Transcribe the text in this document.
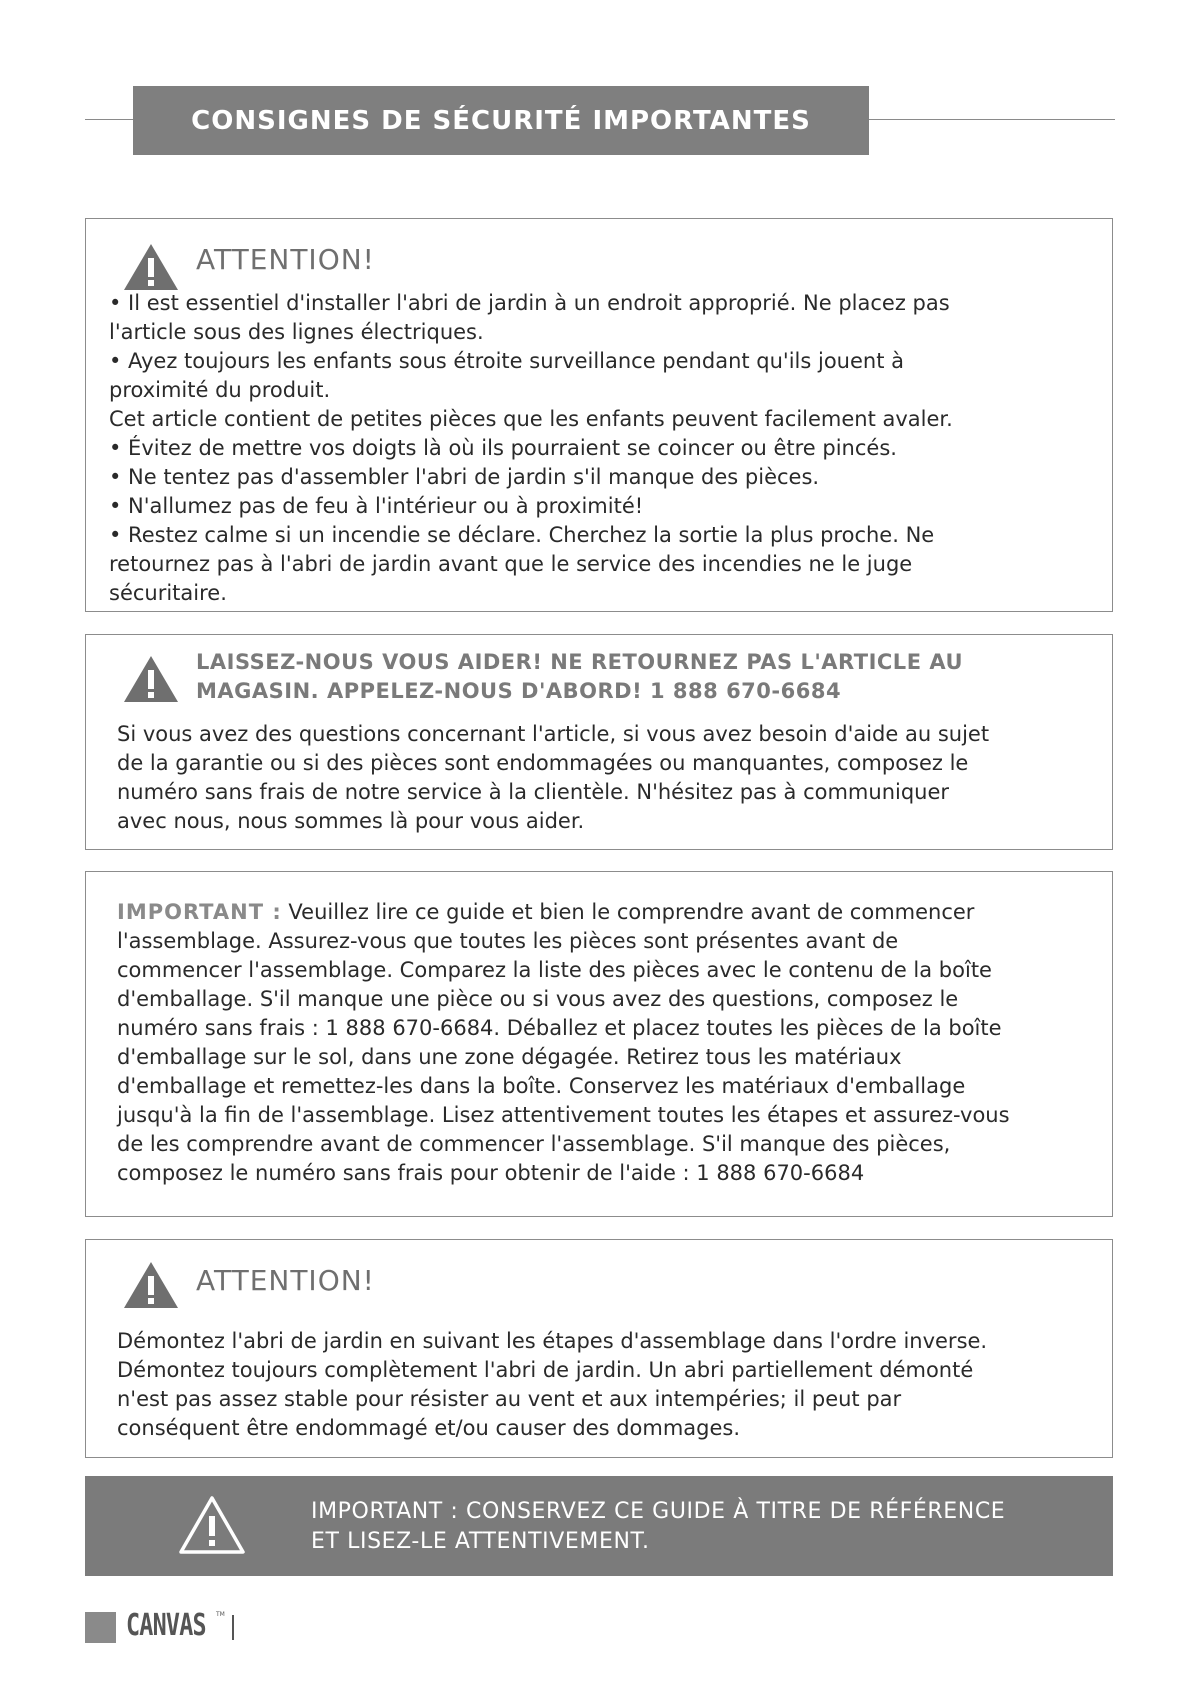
CONSIGNES DE SÉCURITÉ IMPORTANTES
ATTENTION!
• Il est essentiel d'installer l'abri de jardin à un endroit approprié. Ne placez pas
l'article sous des lignes électriques.
• Ayez toujours les enfants sous étroite surveillance pendant qu'ils jouent à
proximité du produit.
Cet article contient de petites pièces que les enfants peuvent facilement avaler.
• Évitez de mettre vos doigts là où ils pourraient se coincer ou être pincés.
• Ne tentez pas d'assembler l'abri de jardin s'il manque des pièces.
• N'allumez pas de feu à l'intérieur ou à proximité!
• Restez calme si un incendie se déclare. Cherchez la sortie la plus proche. Ne
retournez pas à l'abri de jardin avant que le service des incendies ne le juge
sécuritaire.
LAISSEZ-NOUS VOUS AIDER! NE RETOURNEZ PAS L'ARTICLE AU
MAGASIN. APPELEZ-NOUS D'ABORD! 1 888 670-6684
Si vous avez des questions concernant l'article, si vous avez besoin d'aide au sujet
de la garantie ou si des pièces sont endommagées ou manquantes, composez le
numéro sans frais de notre service à la clientèle. N'hésitez pas à communiquer
avec nous, nous sommes là pour vous aider.
IMPORTANT : Veuillez lire ce guide et bien le comprendre avant de commencer
l'assemblage. Assurez-vous que toutes les pièces sont présentes avant de
commencer l'assemblage. Comparez la liste des pièces avec le contenu de la boîte
d'emballage. S'il manque une pièce ou si vous avez des questions, composez le
numéro sans frais : 1 888 670-6684. Déballez et placez toutes les pièces de la boîte
d'emballage sur le sol, dans une zone dégagée. Retirez tous les matériaux
d'emballage et remettez-les dans la boîte. Conservez les matériaux d'emballage
jusqu'à la fin de l'assemblage. Lisez attentivement toutes les étapes et assurez-vous
de les comprendre avant de commencer l'assemblage. S'il manque des pièces,
composez le numéro sans frais pour obtenir de l'aide : 1 888 670-6684
ATTENTION!
Démontez l'abri de jardin en suivant les étapes d'assemblage dans l'ordre inverse.
Démontez toujours complètement l'abri de jardin. Un abri partiellement démonté
n'est pas assez stable pour résister au vent et aux intempéries; il peut par
conséquent être endommagé et/ou causer des dommages.
IMPORTANT : CONSERVEZ CE GUIDE À TITRE DE RÉFÉRENCE
ET LISEZ-LE ATTENTIVEMENT.
CANVAS TM
